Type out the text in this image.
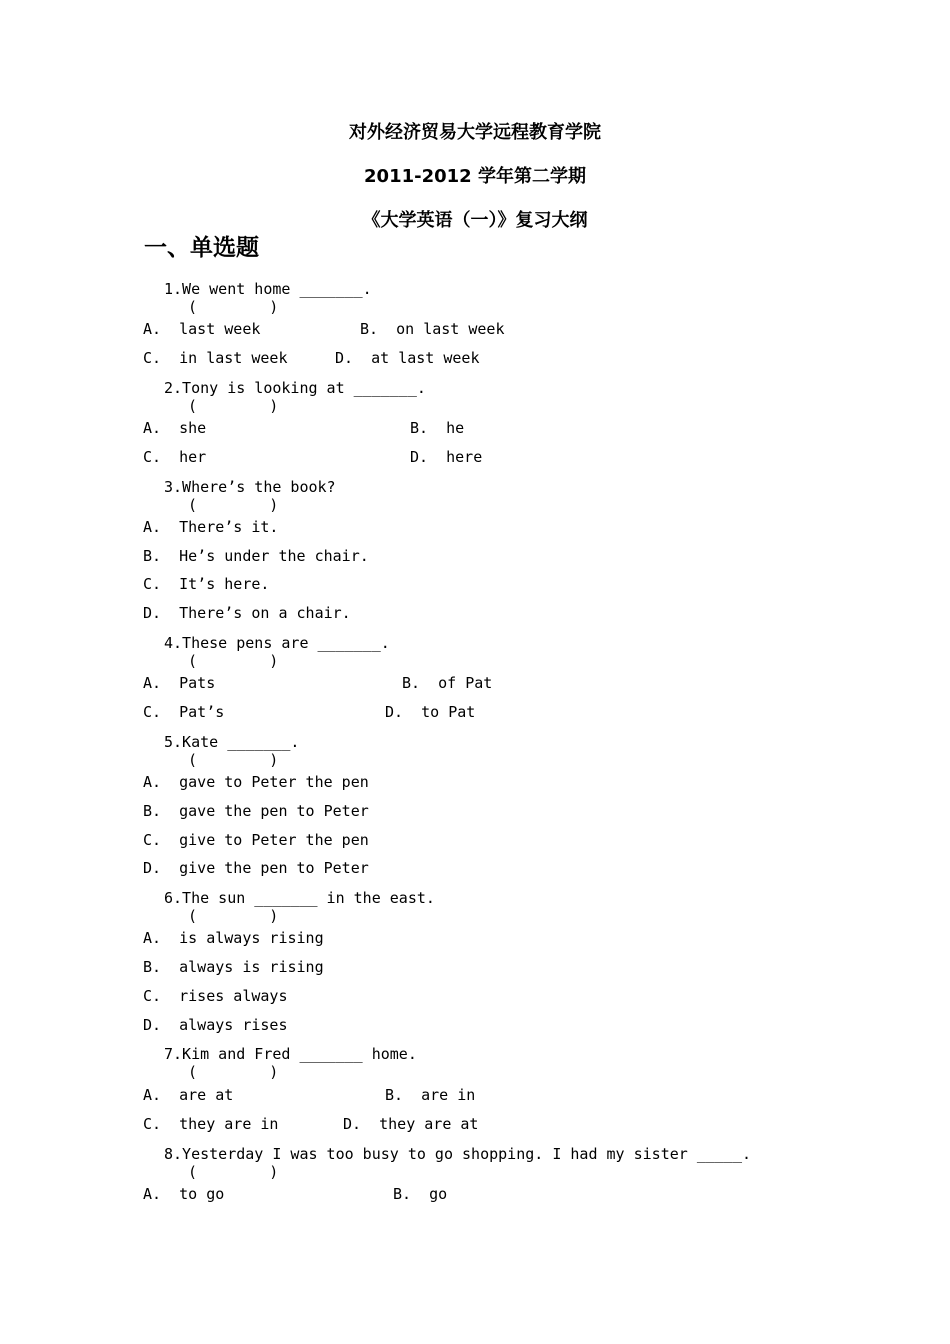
对外经济贸易大学远程教育学院
2011-2012 学年第二学期
《大学英语（一）》复习大纲
一、单选题
1.We went home _______.
(        )
A.  last week	B.  on last week
C.  in last week	D.  at last week
2.Tony is looking at _______.
(        )
A.  she	B.  he
C.  her	D.  here
3.Where’s the book?
(        )
A.  There’s it.
B.  He’s under the chair.
C.  It’s here.
D.  There’s on a chair.
4.These pens are _______.
(        )
A.  Pats	B.  of Pat
C.  Pat’s	D.  to Pat
5.Kate _______.
(        )
A.  gave to Peter the pen
B.  gave the pen to Peter
C.  give to Peter the pen
D.  give the pen to Peter
6.The sun _______ in the east.
(        )
A.  is always rising
B.  always is rising
C.  rises always
D.  always rises
7.Kim and Fred _______ home.
(        )
A.  are at	B.  are in
C.  they are in	D.  they are at
8.Yesterday I was too busy to go shopping. I had my sister _____.
(        )
A.  to go	B.  go
